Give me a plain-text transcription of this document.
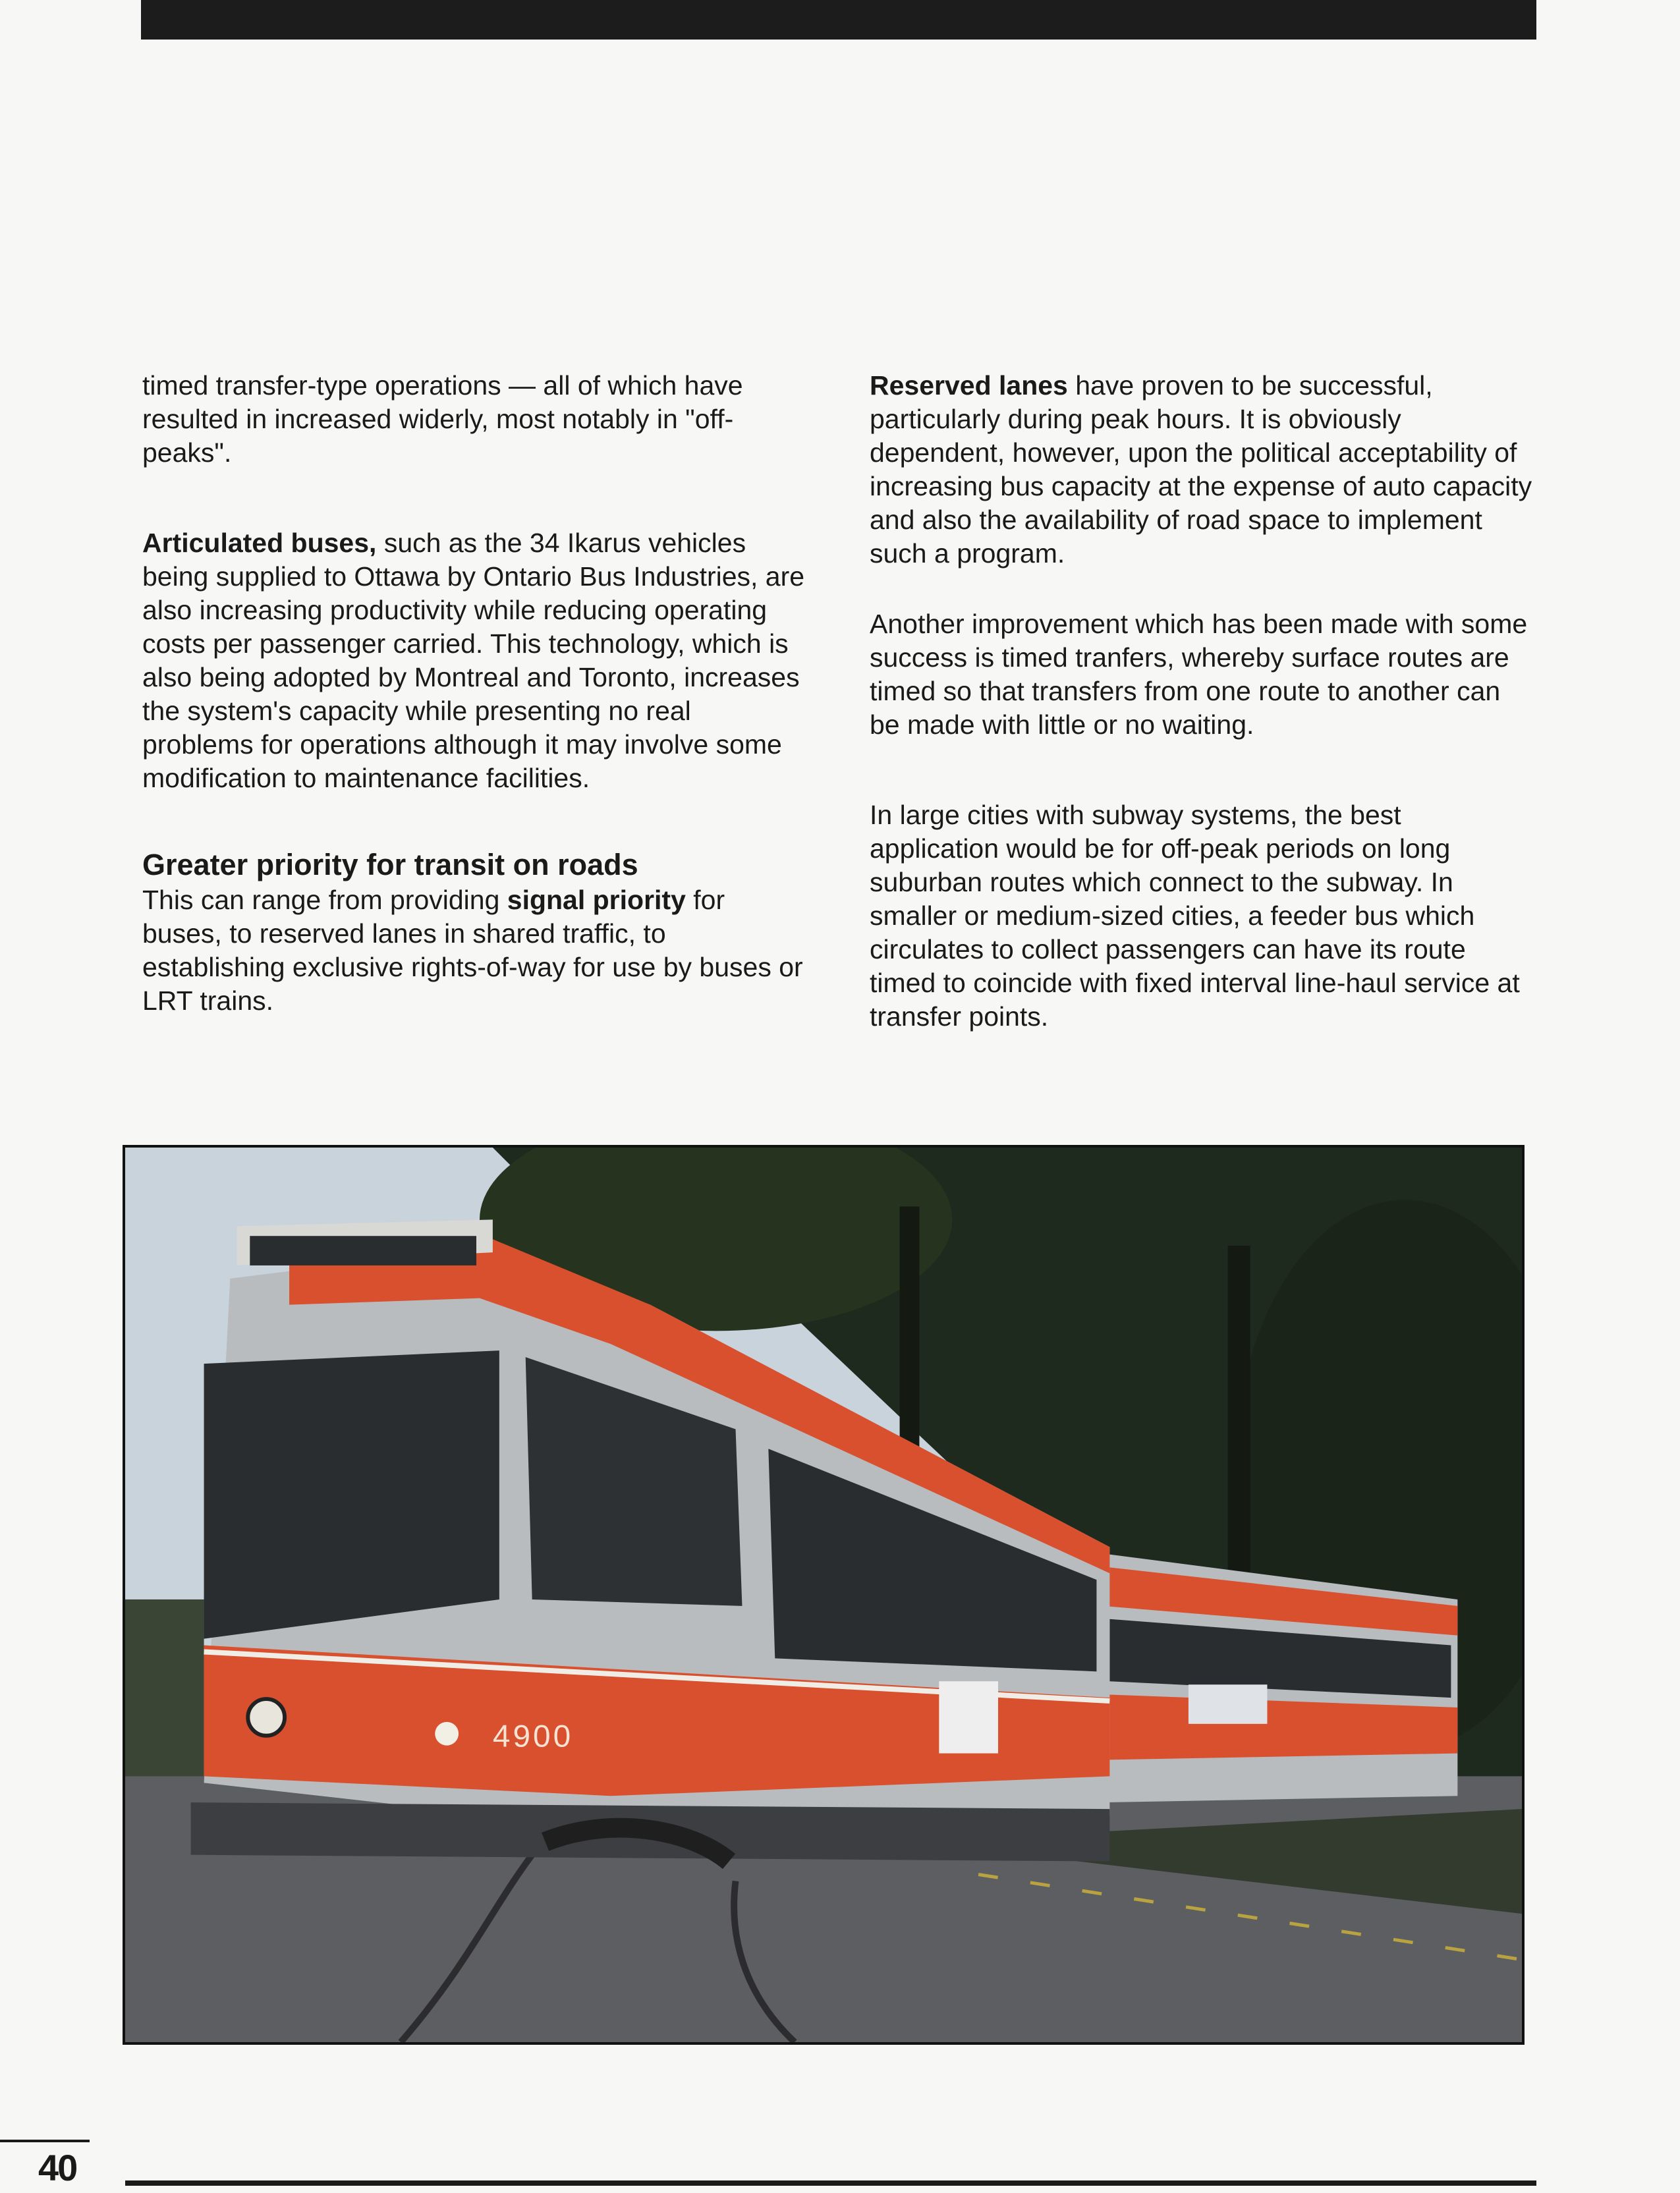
timed transfer-type operations — all of which have resulted in increased widerly, most notably in "off-peaks".

Articulated buses, such as the 34 Ikarus vehicles being supplied to Ottawa by Ontario Bus Industries, are also increasing productivity while reducing operating costs per passenger carried. This technology, which is also being adopted by Montreal and Toronto, increases the system's capacity while presenting no real problems for operations although it may involve some modification to maintenance facilities.

Greater priority for transit on roads

This can range from providing signal priority for buses, to reserved lanes in shared traffic, to establishing exclusive rights-of-way for use by buses or LRT trains.

Reserved lanes have proven to be successful, particularly during peak hours. It is obviously dependent, however, upon the political acceptability of increasing bus capacity at the expense of auto capacity and also the availability of road space to implement such a program.

Another improvement which has been made with some success is timed tranfers, whereby surface routes are timed so that transfers from one route to another can be made with little or no waiting.

In large cities with subway systems, the best application would be for off-peak periods on long suburban routes which connect to the subway. In smaller or medium-sized cities, a feeder bus which circulates to collect passengers can have its route timed to coincide with fixed interval line-haul service at transfer points.

4900
40
